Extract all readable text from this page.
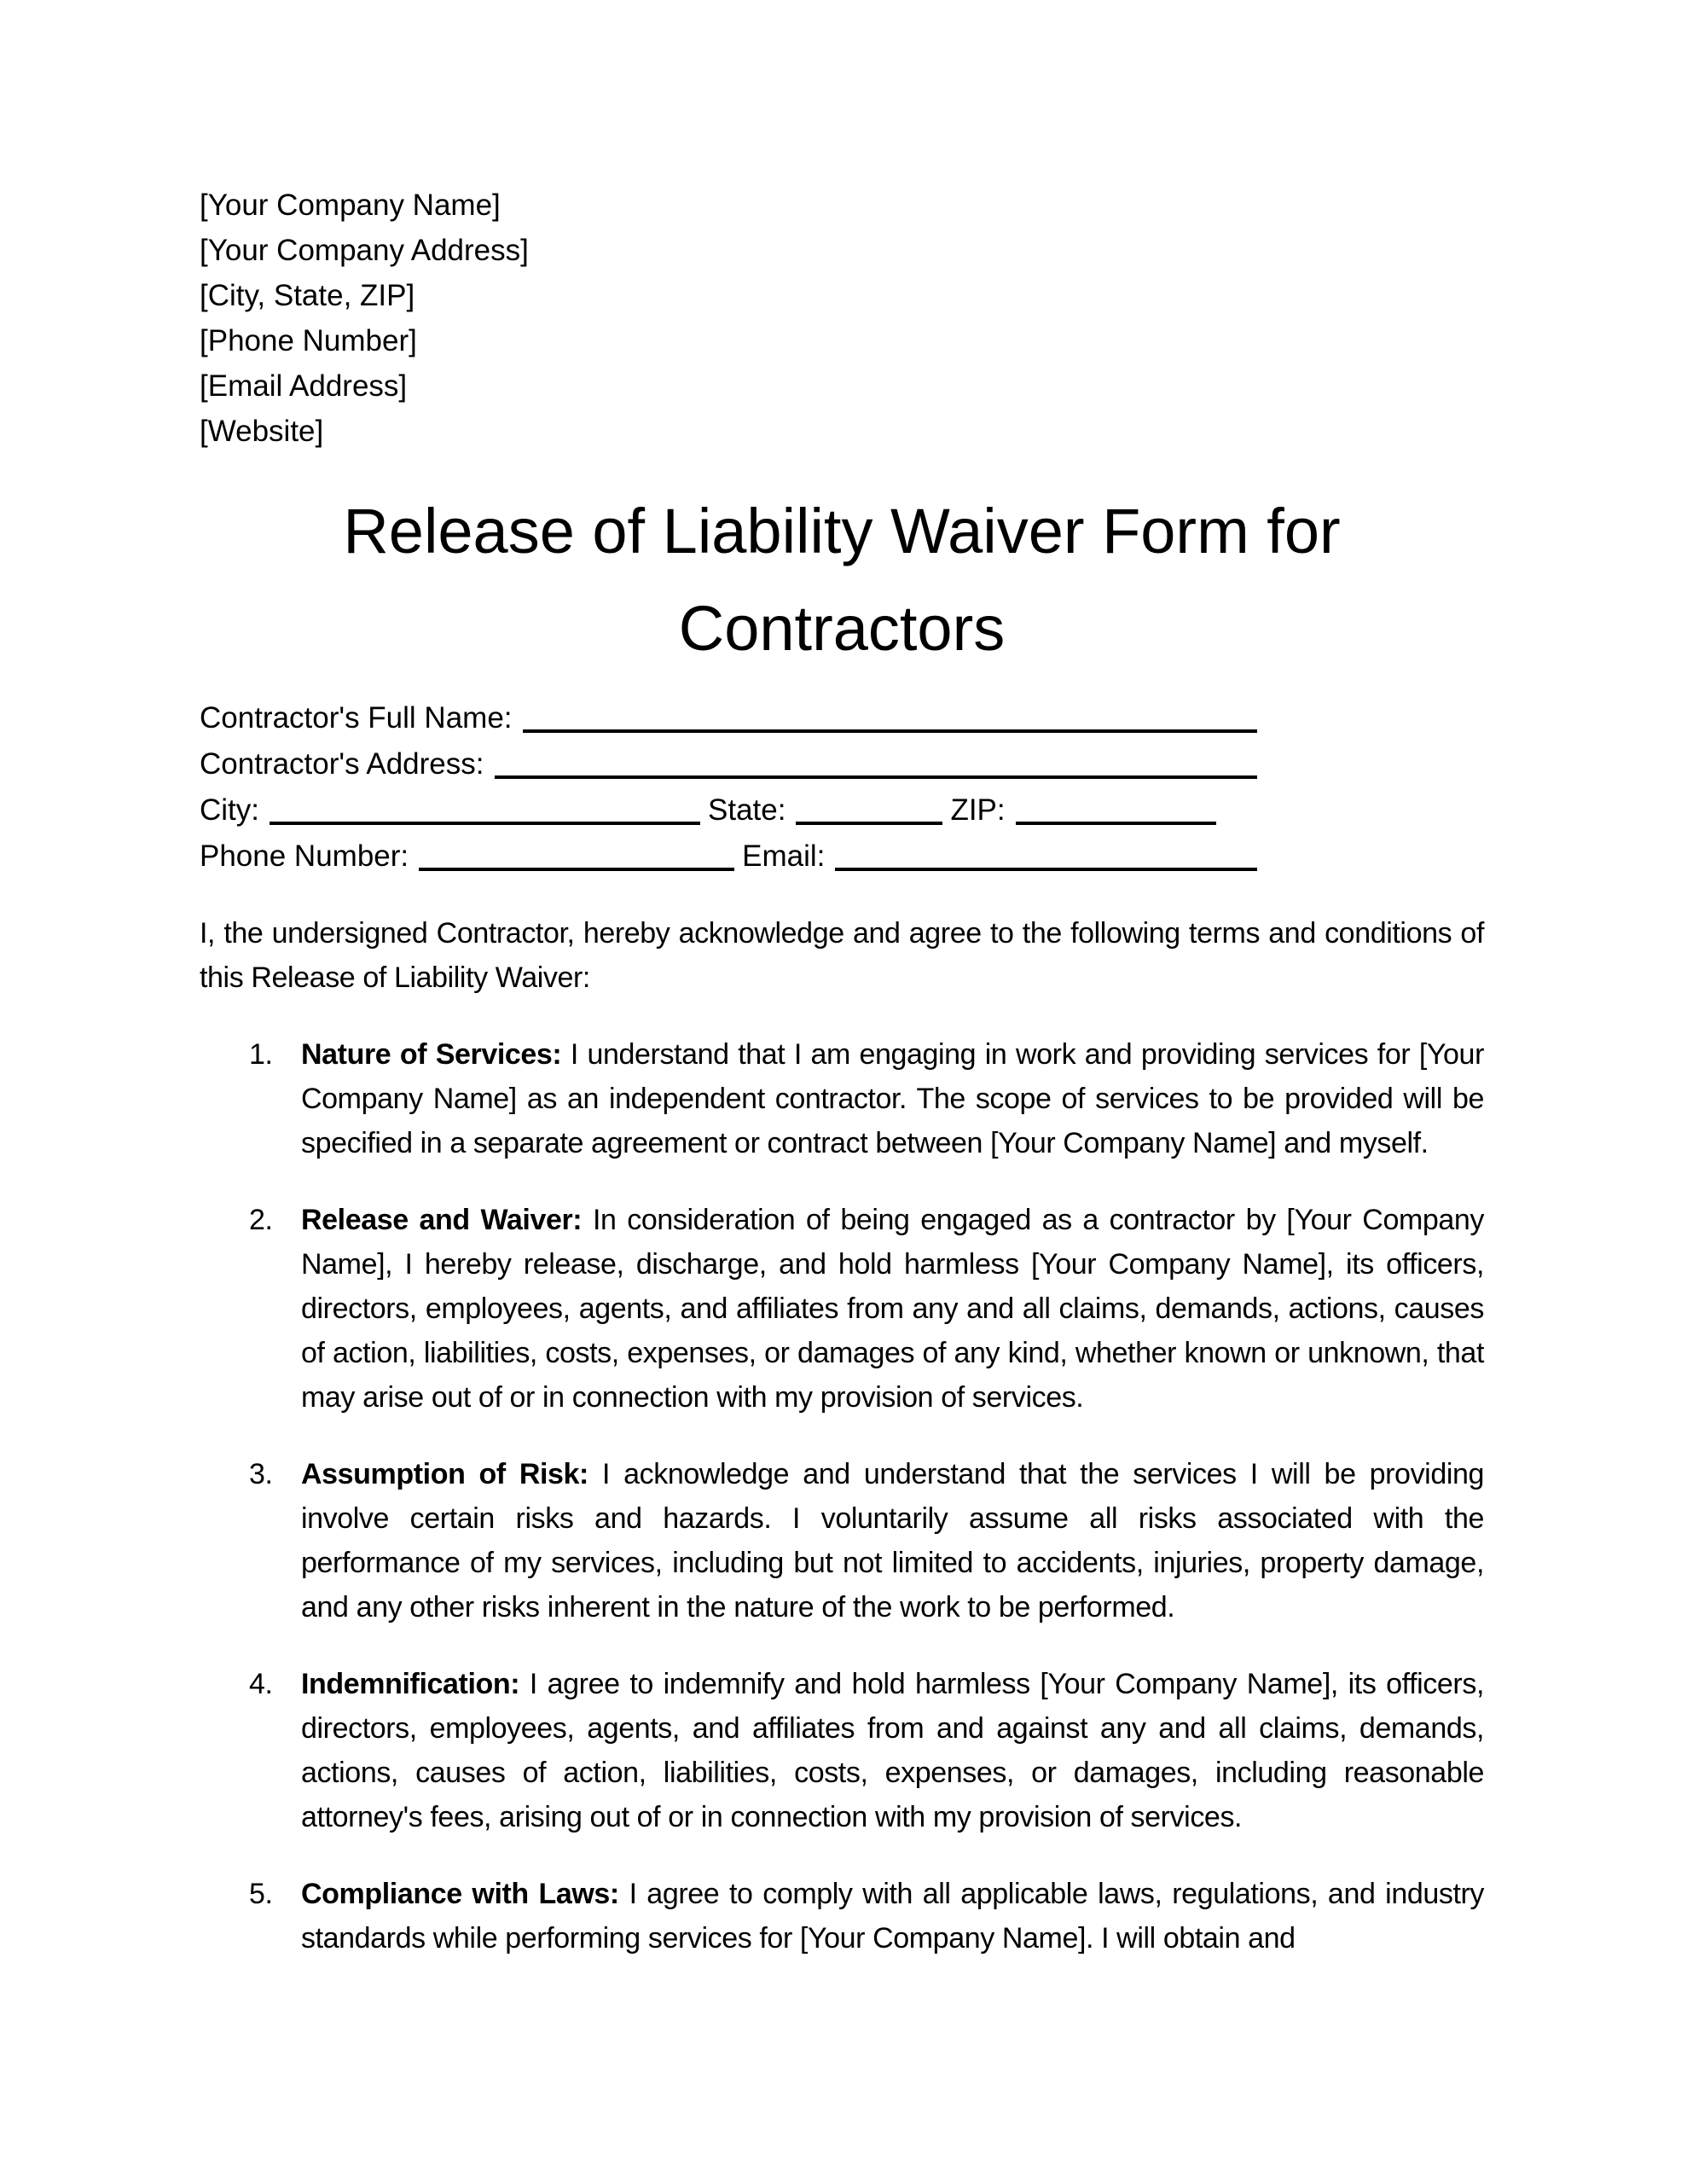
[Your Company Name]
[Your Company Address]
[City, State, ZIP]
[Phone Number]
[Email Address]
[Website]
Release of Liability Waiver Form for Contractors
Contractor's Full Name:
Contractor's Address:
City:	State:	ZIP:
Phone Number:	Email:

I, the undersigned Contractor, hereby acknowledge and agree to the following terms and conditions of this Release of Liability Waiver:

1. Nature of Services: I understand that I am engaging in work and providing services for [Your Company Name] as an independent contractor. The scope of services to be provided will be specified in a separate agreement or contract between [Your Company Name] and myself.
2. Release and Waiver: In consideration of being engaged as a contractor by [Your Company Name], I hereby release, discharge, and hold harmless [Your Company Name], its officers, directors, employees, agents, and affiliates from any and all claims, demands, actions, causes of action, liabilities, costs, expenses, or damages of any kind, whether known or unknown, that may arise out of or in connection with my provision of services.
3. Assumption of Risk: I acknowledge and understand that the services I will be providing involve certain risks and hazards. I voluntarily assume all risks associated with the performance of my services, including but not limited to accidents, injuries, property damage, and any other risks inherent in the nature of the work to be performed.
4. Indemnification: I agree to indemnify and hold harmless [Your Company Name], its officers, directors, employees, agents, and affiliates from and against any and all claims, demands, actions, causes of action, liabilities, costs, expenses, or damages, including reasonable attorney's fees, arising out of or in connection with my provision of services.
5. Compliance with Laws: I agree to comply with all applicable laws, regulations, and industry standards while performing services for [Your Company Name]. I will obtain and
